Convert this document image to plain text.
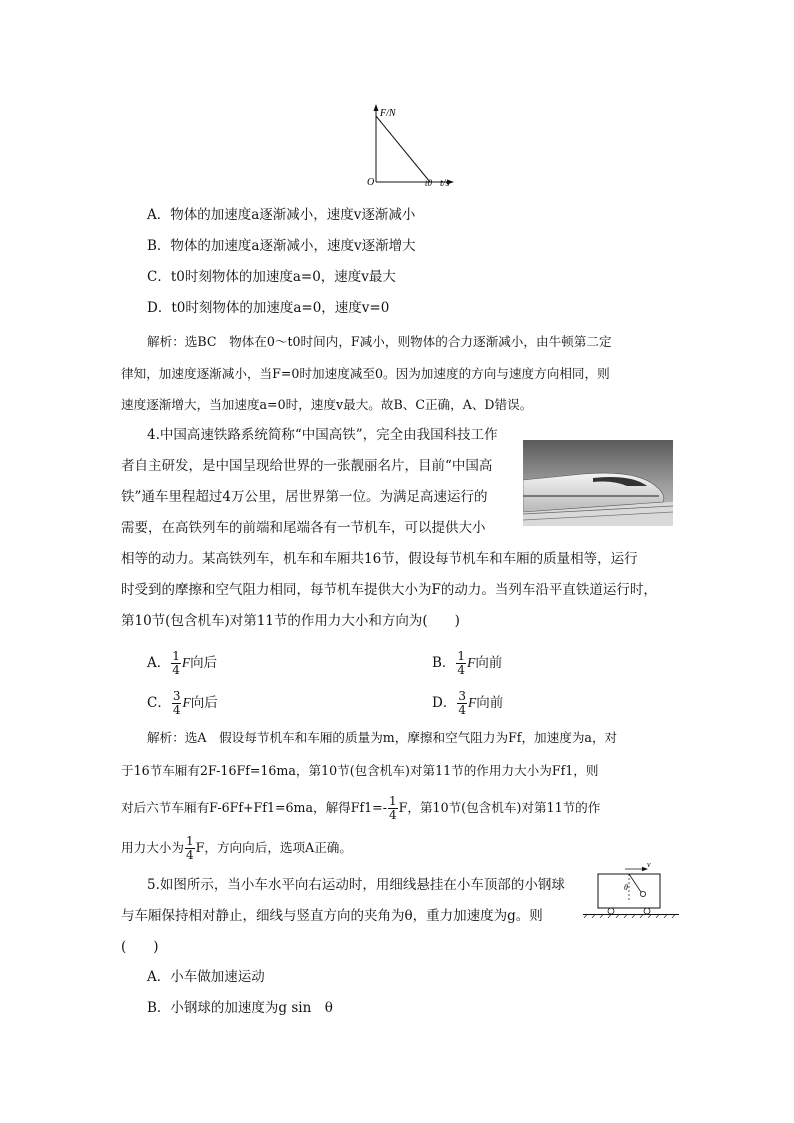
F/N
O	t0 t/s
A．物体的加速度a逐渐减小，速度v逐渐减小
B．物体的加速度a逐渐减小，速度v逐渐增大
C．t0时刻物体的加速度a=0，速度v最大
D．t0时刻物体的加速度a=0，速度v=0
解析：选BC　物体在0～t0时间内，F减小，则物体的合力逐渐减小，由牛顿第二定
律知，加速度逐渐减小，当F=0时加速度减至0。因为加速度的方向与速度方向相同，则
速度逐渐增大，当加速度a=0时，速度v最大。故B、C正确，A、D错误。
4.中国高速铁路系统简称“中国高铁”，完全由我国科技工作
者自主研发，是中国呈现给世界的一张靓丽名片，目前“中国高
铁”通车里程超过4万公里，居世界第一位。为满足高速运行的
需要，在高铁列车的前端和尾端各有一节机车，可以提供大小
相等的动力。某高铁列车，机车和车厢共16节，假设每节机车和车厢的质量相等，运行
时受到的摩擦和空气阻力相同，每节机车提供大小为F的动力。当列车沿平直铁道运行时，
第10节(包含机车)对第11节的作用力大小和方向为(　　)
A． $\frac{1}{4}$ F向后	B． $\frac{1}{4}$ F向前
C． $\frac{3}{4}$ F向后	D． $\frac{3}{4}$ F向前
解析：选A　假设每节机车和车厢的质量为m，摩擦和空气阻力为Ff，加速度为a，对
于16节车厢有2F-16Ff=16ma，第10节(包含机车)对第11节的作用力大小为Ff1，则
对后六节车厢有F-6Ff+Ff1=6ma，解得$Ff1=- \frac{1}{4}$ F，第10节(包含机车)对第11节的作
用力大小为 $\frac{1}{4}$ F，方向向后，选项A正确。
5.如图所示，当小车水平向右运动时，用细线悬挂在小车顶部的小钢球
与车厢保持相对静止，细线与竖直方向的夹角为θ，重力加速度为g。则
(　　)
v
θ
A．小车做加速运动
B．小钢球的加速度为g sin　θ
